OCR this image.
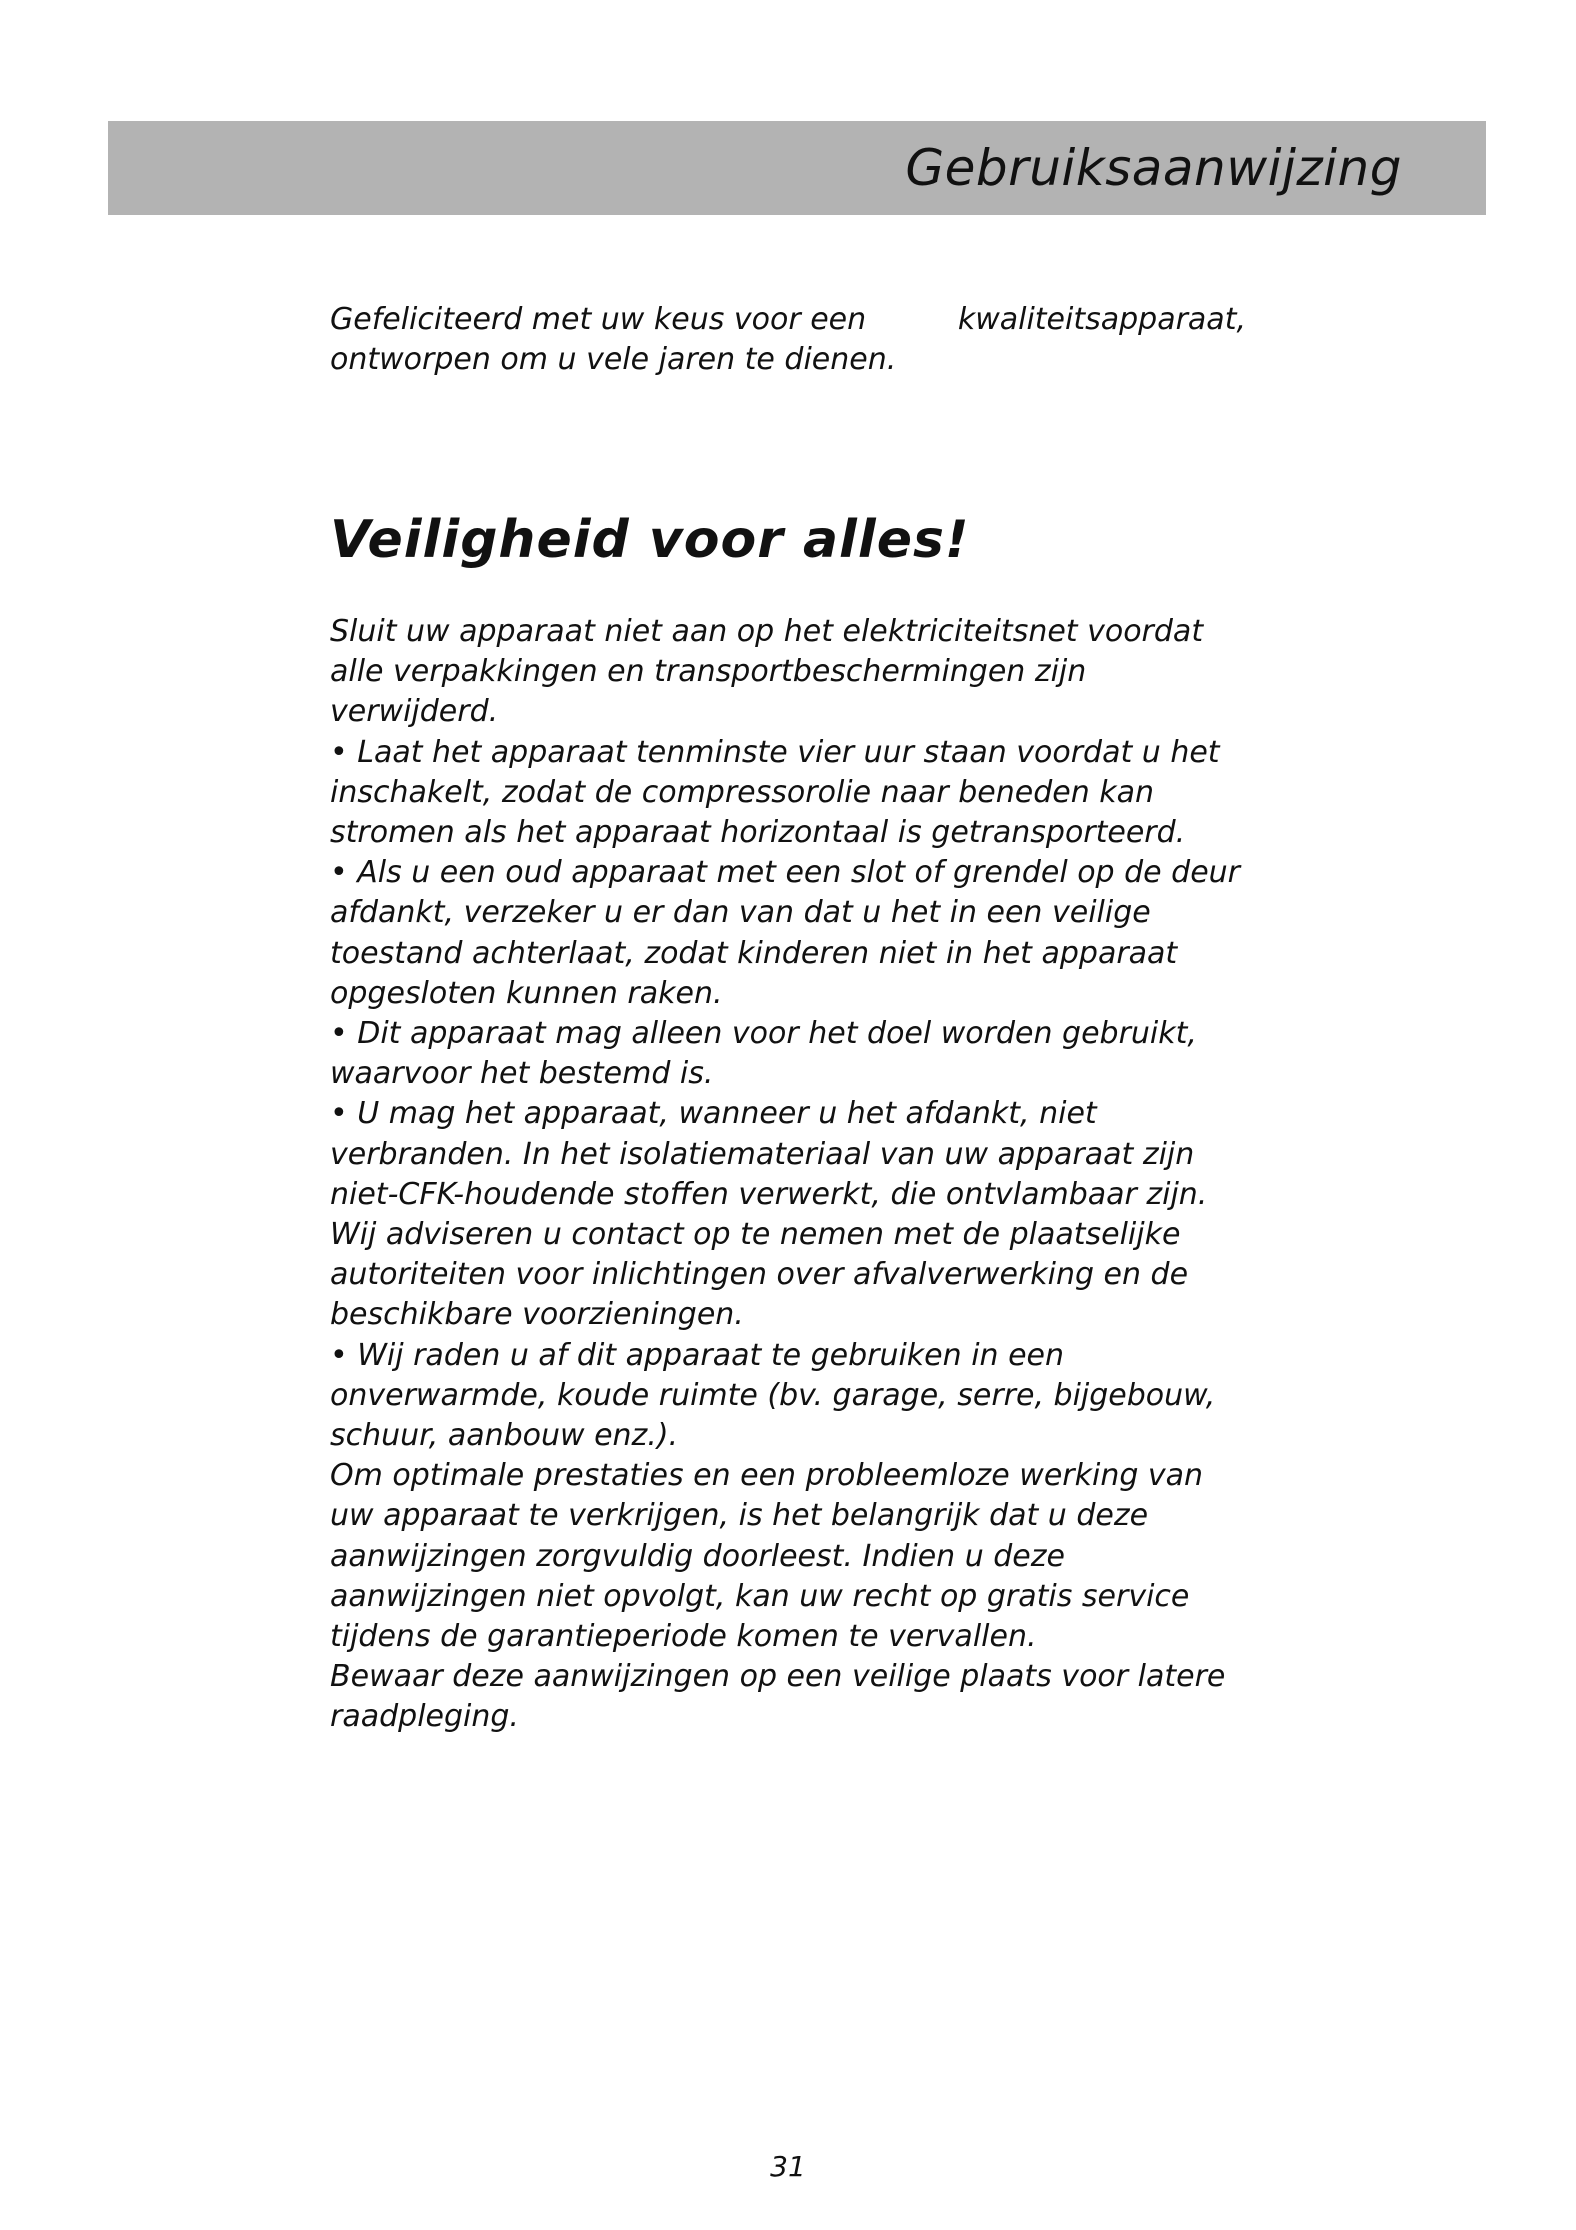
Gebruiksaanwijzing
Gefeliciteerd met uw keus voor een	kwaliteitsapparaat,
ontworpen om u vele jaren te dienen.
Veiligheid voor alles!

Sluit uw apparaat niet aan op het elektriciteitsnet voordat alle verpakkingen en transportbeschermingen zijn verwijderd.

• Laat het apparaat tenminste vier uur staan voordat u het inschakelt, zodat de compressorolie naar beneden kan stromen als het apparaat horizontaal is getransporteerd.

• Als u een oud apparaat met een slot of grendel op de deur afdankt, verzeker u er dan van dat u het in een veilige toestand achterlaat, zodat kinderen niet in het apparaat opgesloten kunnen raken.

• Dit apparaat mag alleen voor het doel worden gebruikt, waarvoor het bestemd is.

• U mag het apparaat, wanneer u het afdankt, niet verbranden. In het isolatiemateriaal van uw apparaat zijn niet-CFK-houdende stoffen verwerkt, die ontvlambaar zijn. Wij adviseren u contact op te nemen met de plaatselijke autoriteiten voor inlichtingen over afvalverwerking en de beschikbare voorzieningen.

• Wij raden u af dit apparaat te gebruiken in een onverwarmde, koude ruimte (bv. garage, serre, bijgebouw, schuur, aanbouw enz.).

Om optimale prestaties en een probleemloze werking van uw apparaat te verkrijgen, is het belangrijk dat u deze aanwijzingen zorgvuldig doorleest. Indien u deze aanwijzingen niet opvolgt, kan uw recht op gratis service tijdens de garantieperiode komen te vervallen.

Bewaar deze aanwijzingen op een veilige plaats voor latere raadpleging.

31
